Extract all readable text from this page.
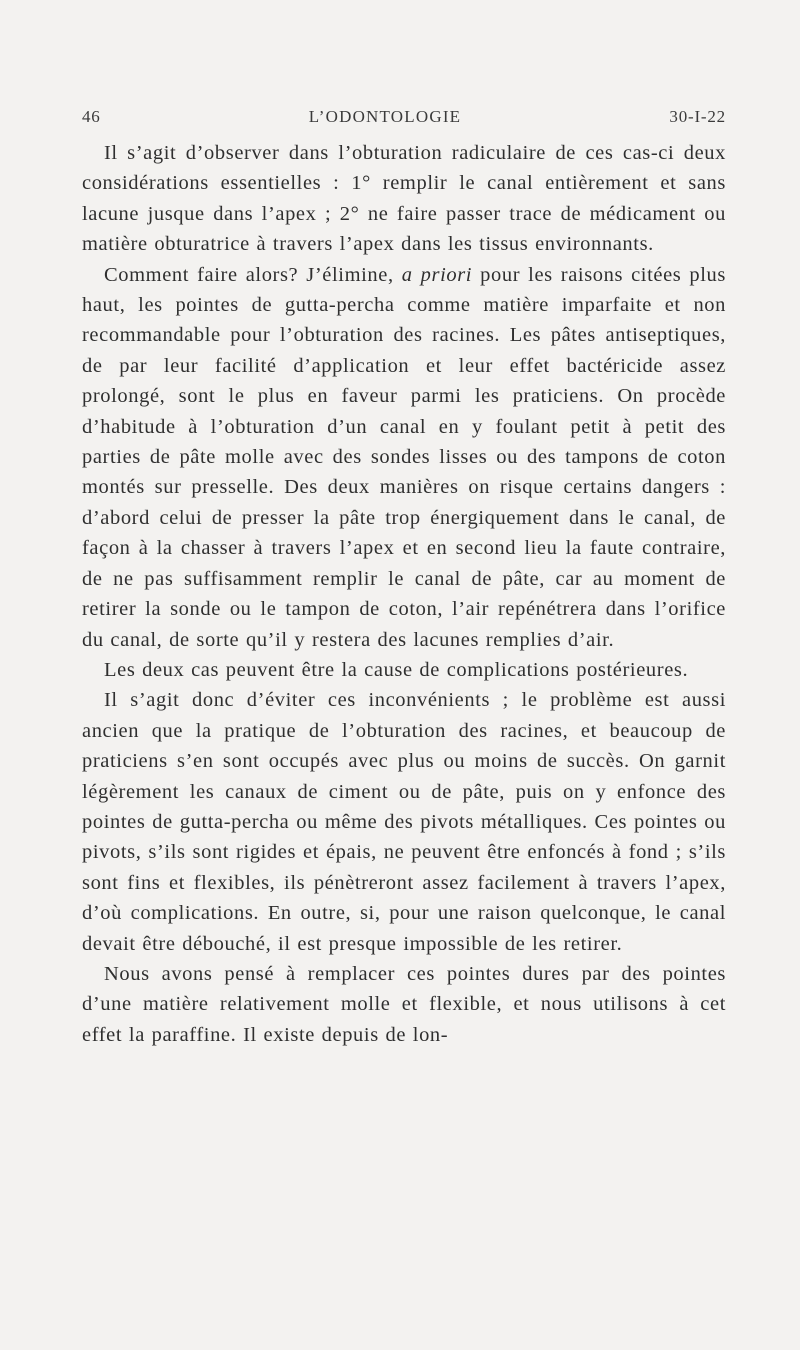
46	L’ODONTOLOGIE	30-I-22

Il s’agit d’observer dans l’obturation radiculaire de ces cas-ci deux considérations essentielles : 1° remplir le canal entièrement et sans lacune jusque dans l’apex ; 2° ne faire passer trace de médicament ou matière obturatrice à travers l’apex dans les tissus environnants.

Comment faire alors? J’élimine, a priori pour les raisons citées plus haut, les pointes de gutta-percha comme matière imparfaite et non recommandable pour l’obturation des racines. Les pâtes antiseptiques, de par leur facilité d’application et leur effet bactéricide assez prolongé, sont le plus en faveur parmi les praticiens. On procède d’habitude à l’obturation d’un canal en y foulant petit à petit des parties de pâte molle avec des sondes lisses ou des tampons de coton montés sur presselle. Des deux manières on risque certains dangers : d’abord celui de presser la pâte trop énergiquement dans le canal, de façon à la chasser à travers l’apex et en second lieu la faute contraire, de ne pas suffisamment remplir le canal de pâte, car au moment de retirer la sonde ou le tampon de coton, l’air repénétrera dans l’orifice du canal, de sorte qu’il y restera des lacunes remplies d’air.

Les deux cas peuvent être la cause de complications postérieures.

Il s’agit donc d’éviter ces inconvénients ; le problème est aussi ancien que la pratique de l’obturation des racines, et beaucoup de praticiens s’en sont occupés avec plus ou moins de succès. On garnit légèrement les canaux de ciment ou de pâte, puis on y enfonce des pointes de gutta-percha ou même des pivots métalliques. Ces pointes ou pivots, s’ils sont rigides et épais, ne peuvent être enfoncés à fond ; s’ils sont fins et flexibles, ils pénètreront assez facilement à travers l’apex, d’où complications. En outre, si, pour une raison quelconque, le canal devait être débouché, il est presque impossible de les retirer.

Nous avons pensé à remplacer ces pointes dures par des pointes d’une matière relativement molle et flexible, et nous utilisons à cet effet la paraffine. Il existe depuis de lon-
